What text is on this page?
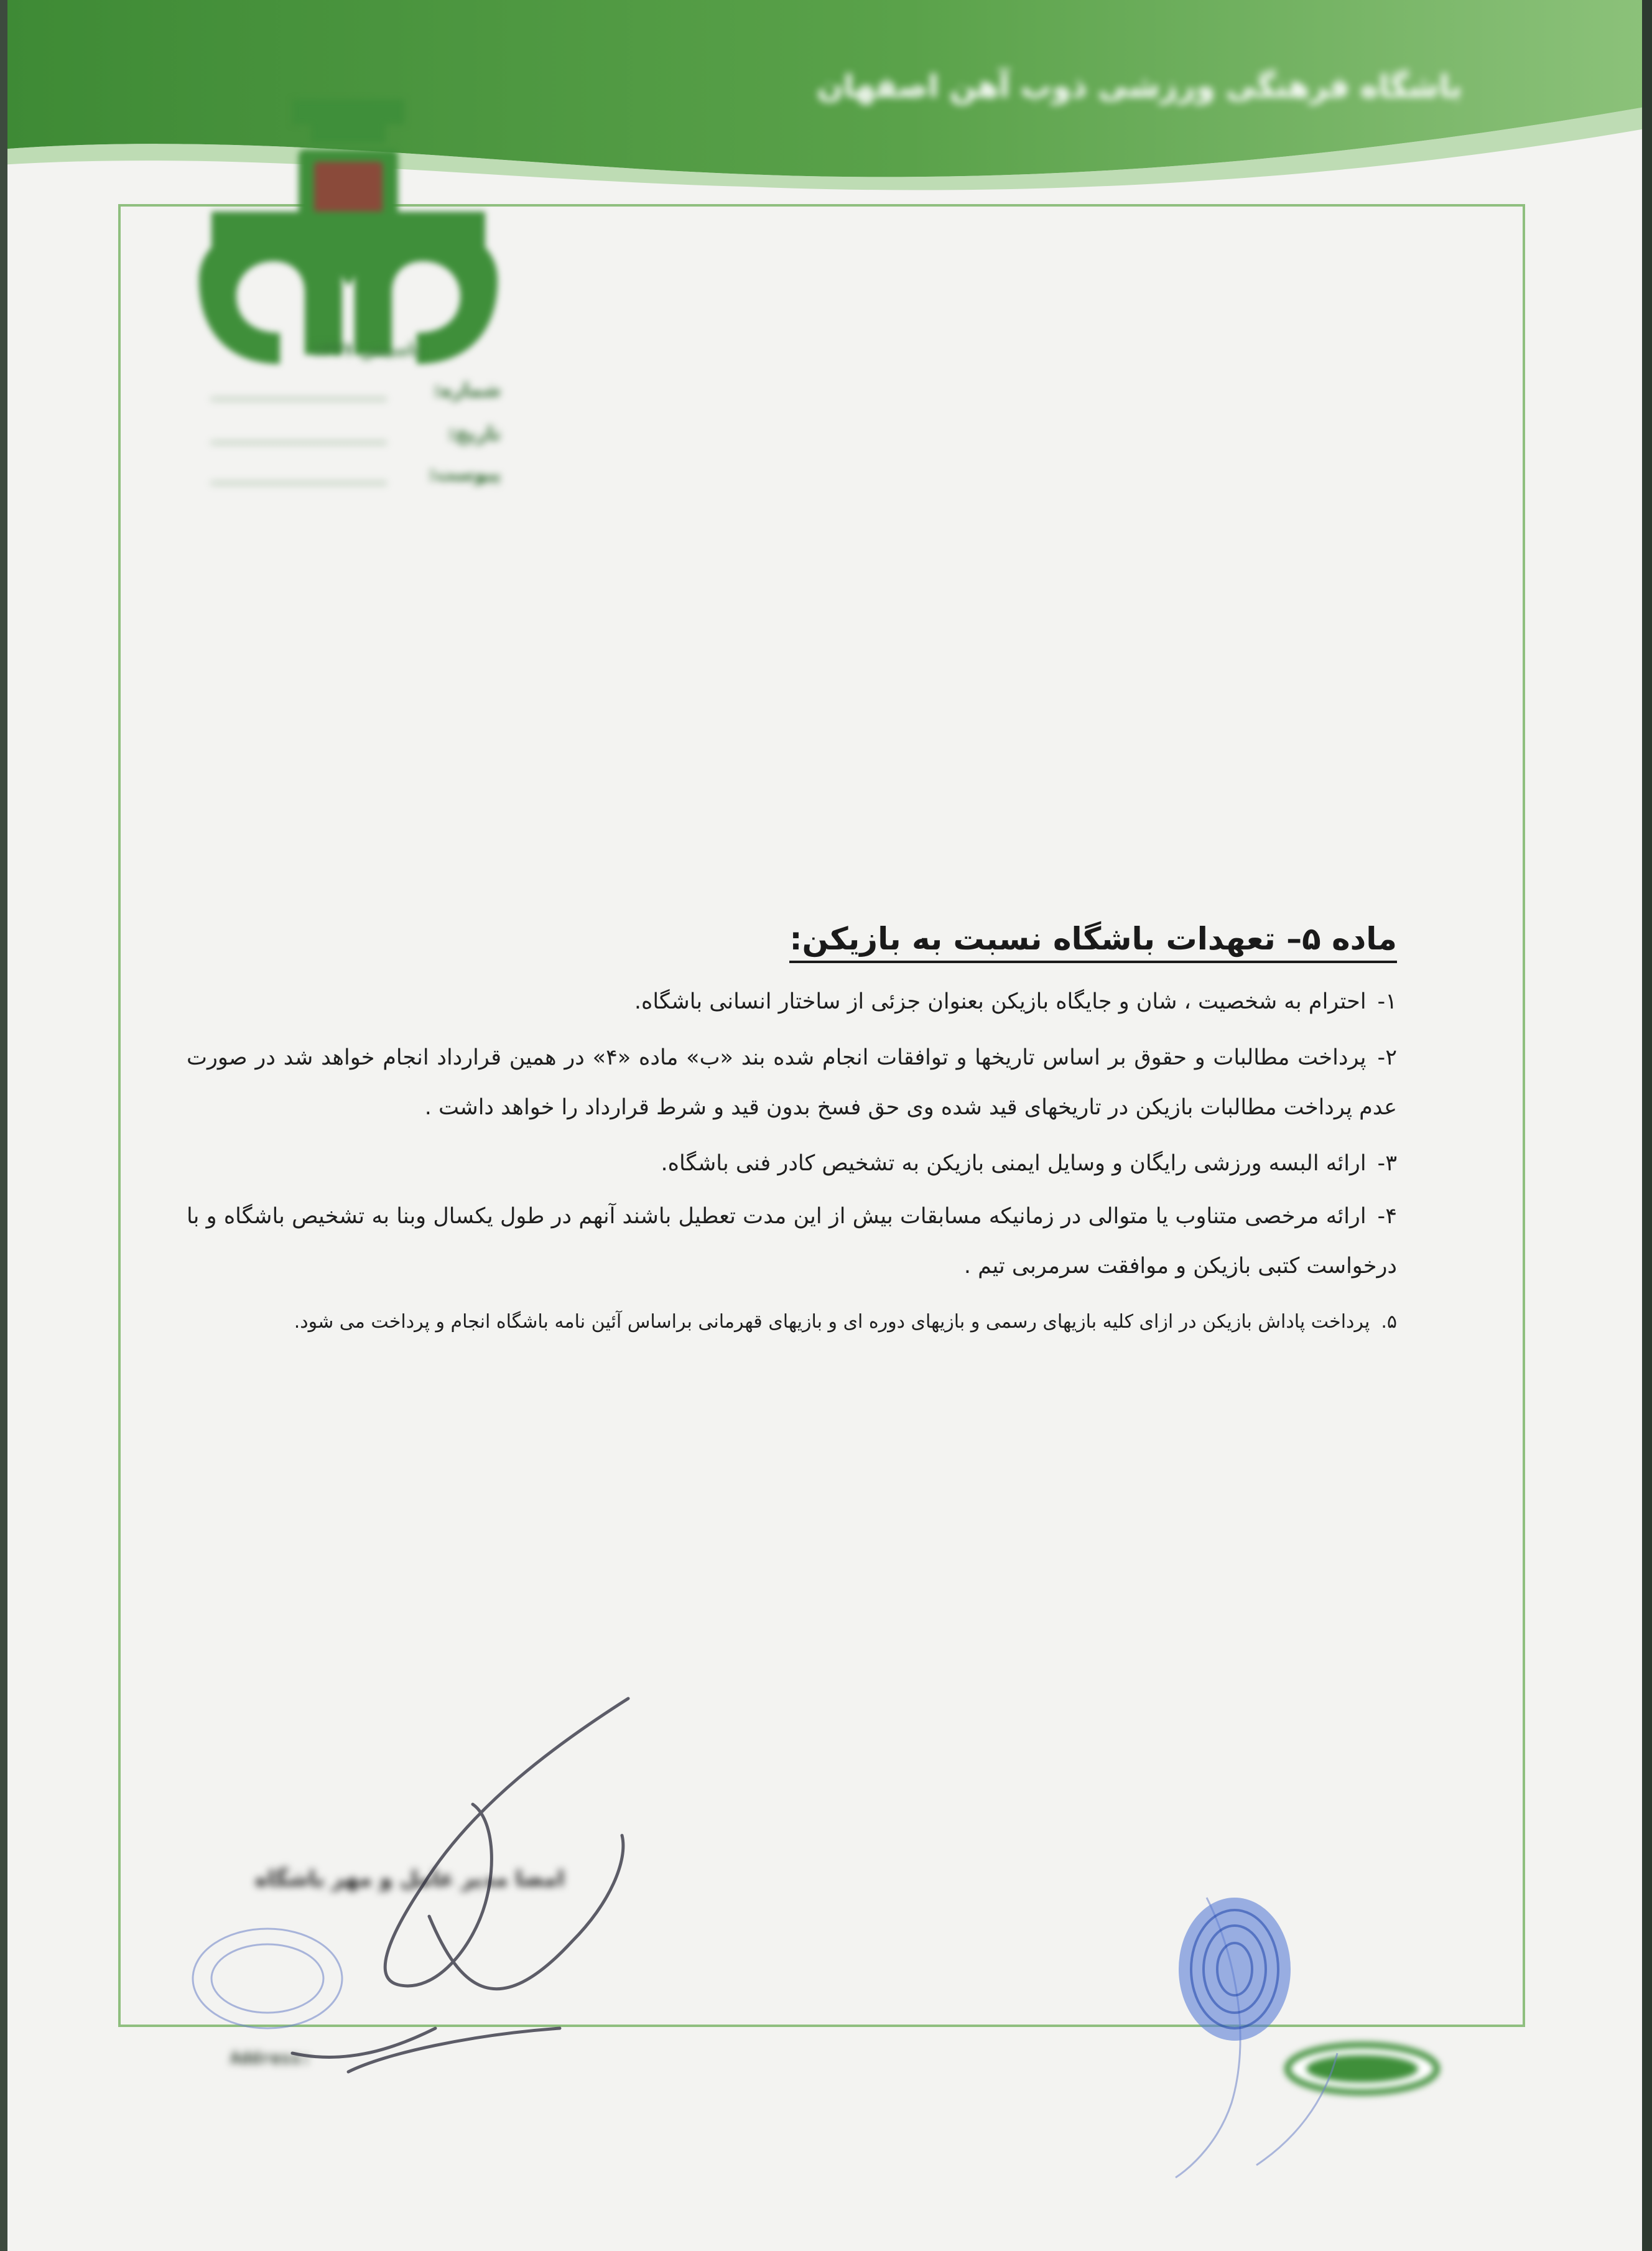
باشگاه فرهنگی ورزشی ذوب آهن اصفهان
تاسیس ۱۳۴۷
شماره:
تاریخ:
پیوست:
ماده ۵– تعهدات باشگاه نسبت به بازیکن:
۱-احترام به شخصیت ، شان و جایگاه بازیکن بعنوان جزئی از ساختار انسانی باشگاه.
۲-پرداخت مطالبات و حقوق بر اساس تاریخها و توافقات انجام شده بند «ب» ماده «۴» در همین قرارداد انجام خواهد شد در صورت عدم پرداخت مطالبات بازیکن در تاریخهای قید شده وی حق فسخ بدون قید و شرط قرارداد را خواهد داشت .
۳-ارائه البسه ورزشی رایگان و وسایل ایمنی بازیکن به تشخیص کادر فنی باشگاه.
۴-ارائه مرخصی متناوب یا متوالی در زمانیکه مسابقات بیش از این مدت تعطیل باشند آنهم در طول یکسال وبنا به تشخیص باشگاه و با درخواست کتبی بازیکن و موافقت سرمربی تیم .
۵.پرداخت پاداش بازیکن در ازای کلیه بازیهای رسمی و بازیهای دوره ای و بازیهای قهرمانی براساس آئین نامه باشگاه انجام و پرداخت می شود.
امضا مدیر عامل و مهر باشگاه
Address:
